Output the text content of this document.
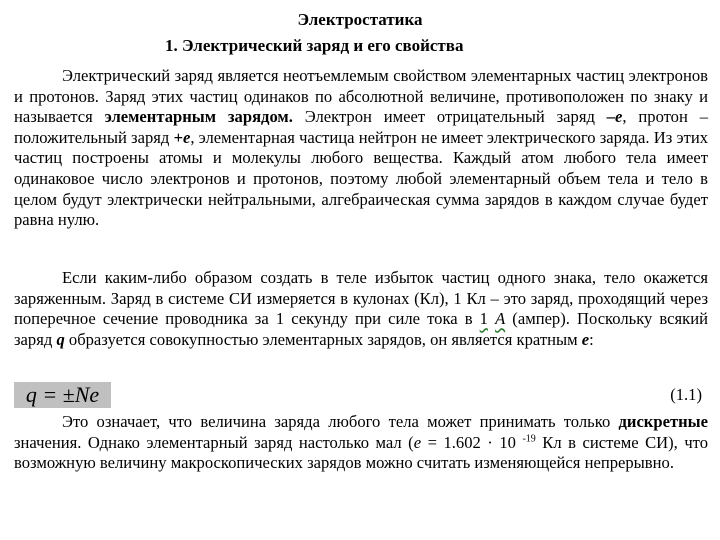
Электростатика
1. Электрический заряд и его свойства

Электрический заряд является неотъемлемым свойством элементарных частиц электронов и протонов. Заряд этих частиц одинаков по абсолютной величине, противоположен по знаку и называется элементарным зарядом. Электрон имеет отрицательный заряд –e, протон – положительный заряд +e, элементарная частица нейтрон не имеет электрического заряда. Из этих частиц построены атомы и молекулы любого вещества. Каждый атом любого тела имеет одинаковое число электронов и протонов, поэтому любой элементарный объем тела и тело в целом будут электрически нейтральными, алгебраическая сумма зарядов в каждом случае будет равна нулю.

Если каким-либо образом создать в теле избыток частиц одного знака, тело окажется заряженным. Заряд в системе СИ измеряется в кулонах (Кл), 1 Кл – это заряд, проходящий через поперечное сечение проводника за 1 секунду при силе тока в 1 А (ампер). Поскольку всякий заряд q образуется совокупностью элементарных зарядов, он является кратным е:

q = ±Ne	(1.1)

Это означает, что величина заряда любого тела может принимать только дискретные значения. Однако элементарный заряд настолько мал (e = 1.602 · 10 $^{-19}$ Кл в системе СИ), что возможную величину макроскопических зарядов можно считать изменяющейся непрерывно.
